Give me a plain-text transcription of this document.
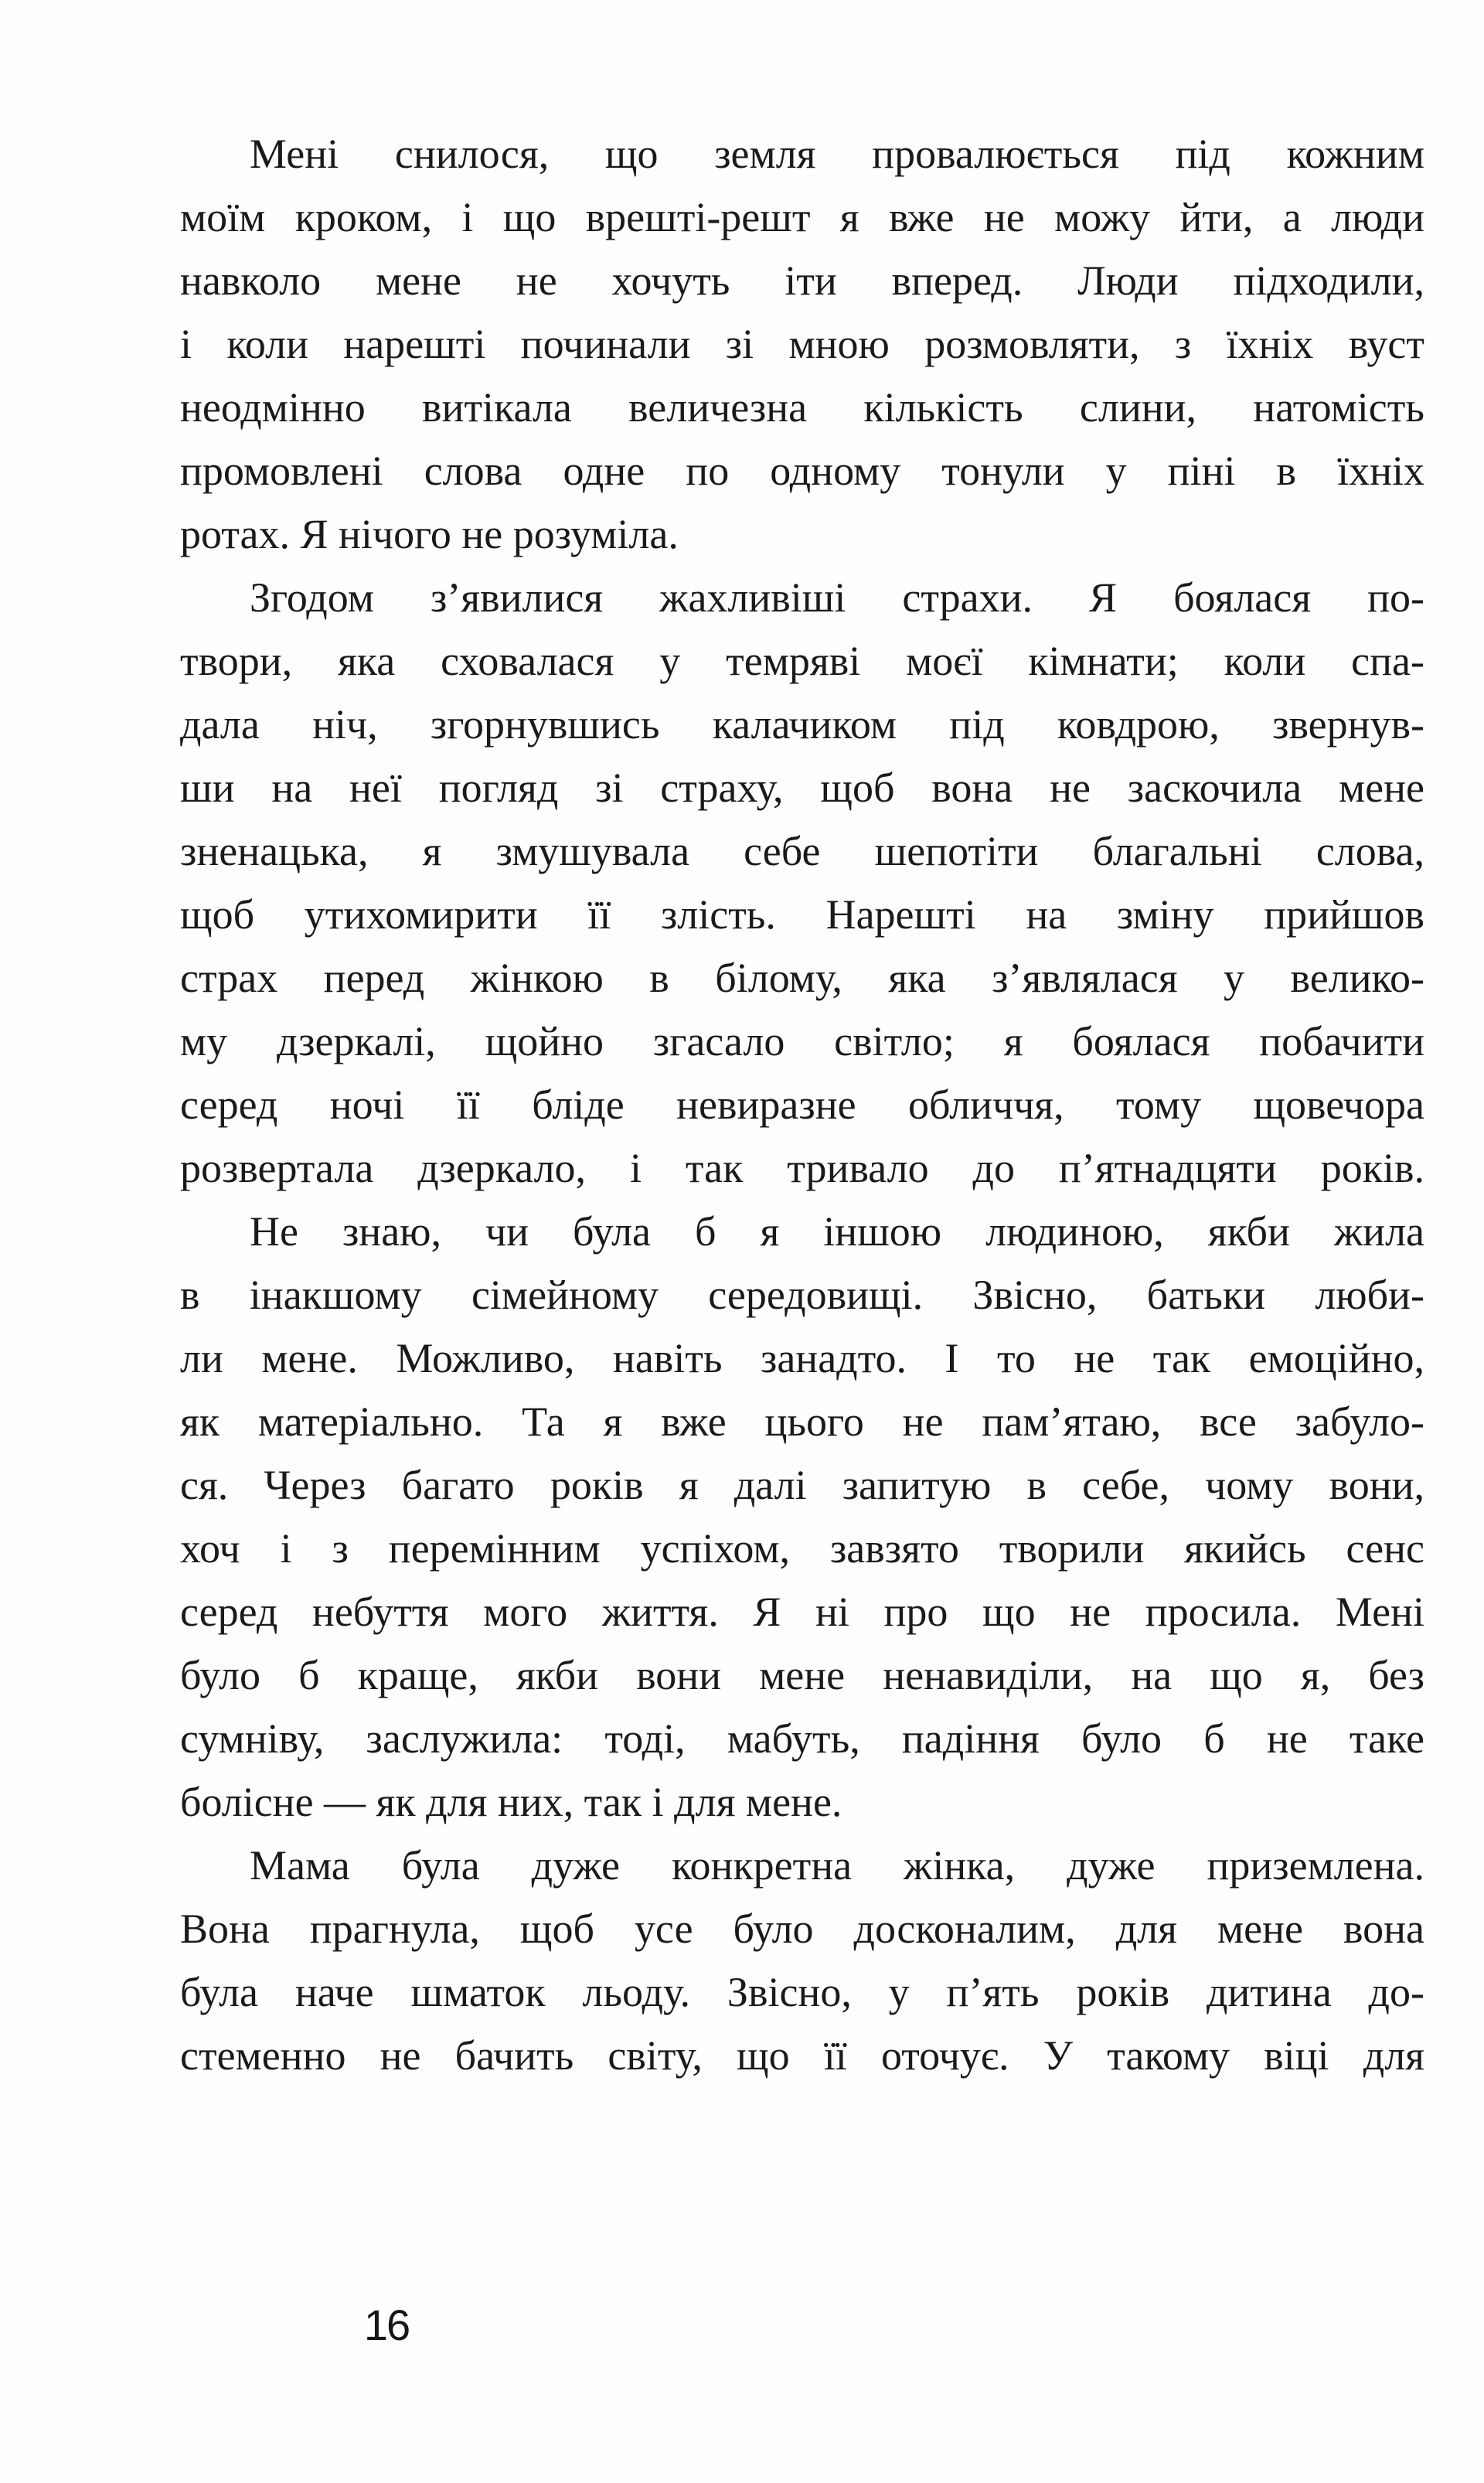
Мені снилося, що земля провалюється під кожним
моїм кроком, і що врешті-решт я вже не можу йти, а люди
навколо мене не хочуть іти вперед. Люди підходили,
і коли нарешті починали зі мною розмовляти, з їхніх вуст
неодмінно витікала величезна кількість слини, натомість
промовлені слова одне по одному тонули у піні в їхніх
ротах. Я нічого не розуміла.
Згодом з’явилися жахливіші страхи. Я боялася по-
твори, яка сховалася у темряві моєї кімнати; коли спа-
дала ніч, згорнувшись калачиком під ковдрою, звернув-
ши на неї погляд зі страху, щоб вона не заскочила мене
зненацька, я змушувала себе шепотіти благальні слова,
щоб утихомирити її злість. Нарешті на зміну прийшов
страх перед жінкою в білому, яка з’являлася у велико-
му дзеркалі, щойно згасало світло; я боялася побачити
серед ночі її бліде невиразне обличчя, тому щовечора
розвертала дзеркало, і так тривало до п’ятнадцяти років.
Не знаю, чи була б я іншою людиною, якби жила
в інакшому сімейному середовищі. Звісно, батьки люби-
ли мене. Можливо, навіть занадто. І то не так емоційно,
як матеріально. Та я вже цього не пам’ятаю, все забуло-
ся. Через багато років я далі запитую в себе, чому вони,
хоч і з перемінним успіхом, завзято творили якийсь сенс
серед небуття мого життя. Я ні про що не просила. Мені
було б краще, якби вони мене ненавиділи, на що я, без
сумніву, заслужила: тоді, мабуть, падіння було б не таке
болісне — як для них, так і для мене.
Мама була дуже конкретна жінка, дуже приземлена.
Вона прагнула, щоб усе було досконалим, для мене вона
була наче шматок льоду. Звісно, у п’ять років дитина до-
стеменно не бачить світу, що її оточує. У такому віці для
16
